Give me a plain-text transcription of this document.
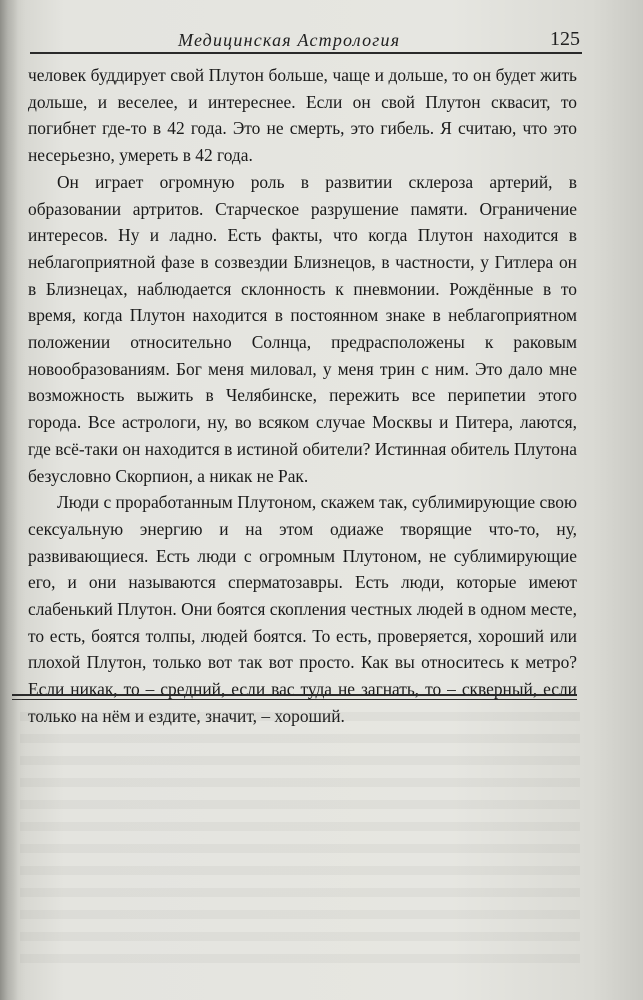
Медицинская Астрология	125

человек буддирует свой Плутон больше, чаще и дольше, то он будет жить дольше, и веселее, и интереснее. Если он свой Плутон сквасит, то погибнет где-то в 42 года. Это не смерть, это гибель. Я считаю, что это несерьезно, умереть в 42 года.

Он играет огромную роль в развитии склероза артерий, в образовании артритов. Старческое разрушение памяти. Ограничение интересов. Ну и ладно. Есть факты, что когда Плутон находится в неблагоприятной фазе в созвездии Близнецов, в частности, у Гитлера он в Близнецах, наблюдается склонность к пневмонии. Рождённые в то время, когда Плутон находится в постоянном знаке в неблагоприятном положении относительно Солнца, предрасположены к раковым новообразованиям. Бог меня миловал, у меня трин с ним. Это дало мне возможность выжить в Челябинске, пережить все перипетии этого города. Все астрологи, ну, во всяком случае Москвы и Питера, лаются, где всё-таки он находится в истиной обители? Истинная обитель Плутона безусловно Скорпион, а никак не Рак.

Люди с проработанным Плутоном, скажем так, сублимирующие свою сексуальную энергию и на этом одиаже творящие что-то, ну, развивающиеся. Есть люди с огромным Плутоном, не сублимирующие его, и они называются сперматозавры. Есть люди, которые имеют слабенький Плутон. Они боятся скопления честных людей в одном месте, то есть, боятся толпы, людей боятся. То есть, проверяется, хороший или плохой Плутон, только вот так вот просто. Как вы относитесь к метро? Если никак, то – средний, если вас туда не загнать, то – скверный, если только на нём и ездите, значит, – хороший.
